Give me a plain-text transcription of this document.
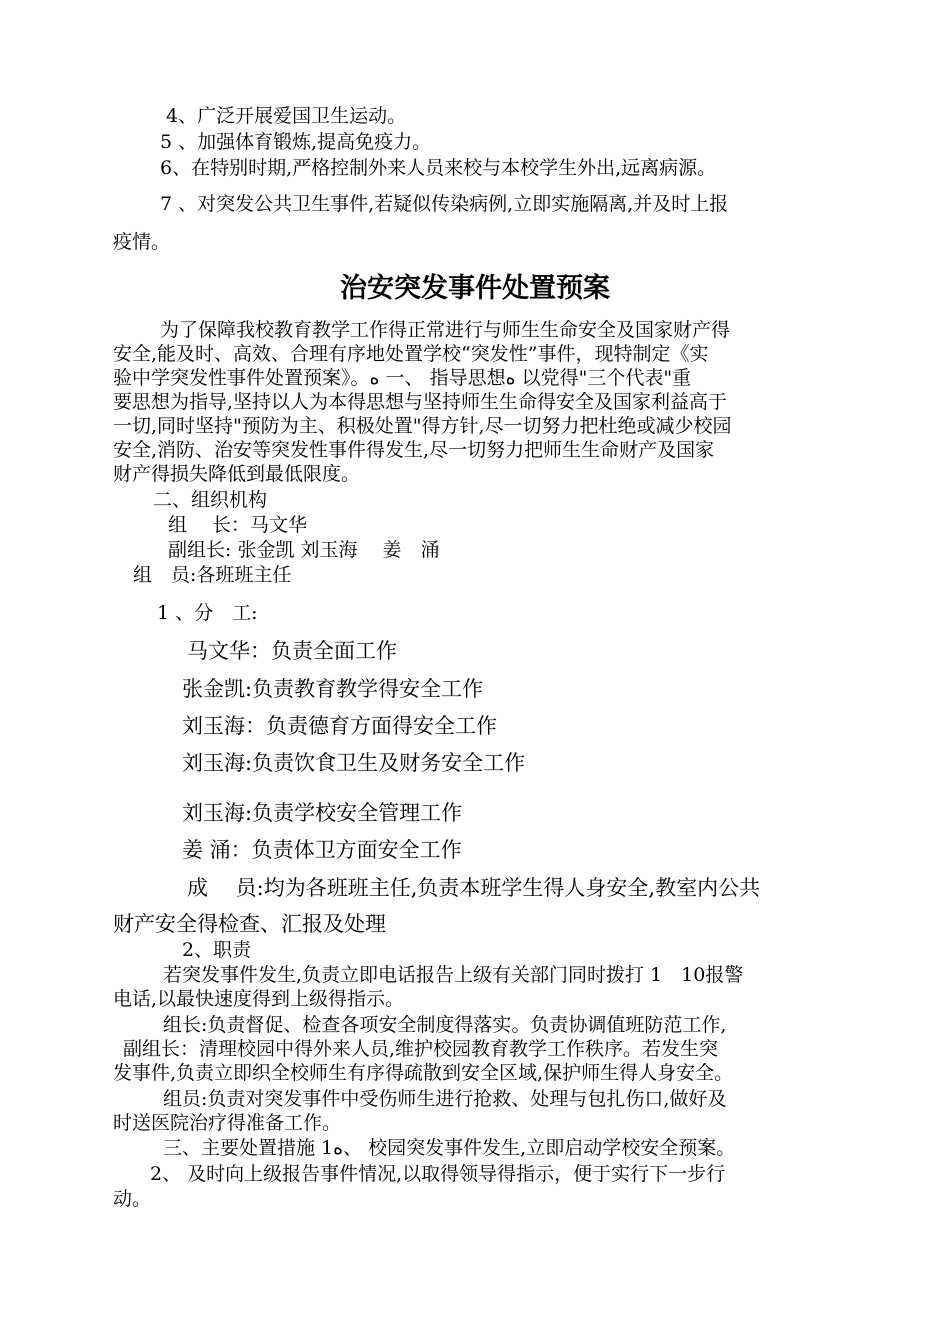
4、广泛开展爱国卫生运动。
5 、加强体育锻炼,提高免疫力。
6、在特别时期,严格控制外来人员来校与本校学生外出,远离病源。
7 、对突发公共卫生事件,若疑似传染病例,立即实施隔离,并及时上报
疫情。
治安突发事件处置预案
为了保障我校教育教学工作得正常进行与师生生命安全及国家财产得
安全,能及时、高效、合理有序地处置学校“突发性”事件，现特制定《实
验中学突发性事件处置预案》。ﻩ 一、 指导思想ﻩ 以党得"三个代表"重
要思想为指导,坚持以人为本得思想与坚持师生生命得安全及国家利益高于
一切,同时坚持"预防为主、积极处置"得方针,尽一切努力把杜绝或减少校园
安全,消防、治安等突发性事件得发生,尽一切努力把师生生命财产及国家
财产得损失降低到最低限度。
二、组织机构
组　 长：马文华
副组长: 张金凯 刘玉海　 姜　涌
组　员:各班班主任
1 、分　工:
马文华：负责全面工作
张金凯:负责教育教学得安全工作
刘玉海：负责德育方面得安全工作
刘玉海:负责饮食卫生及财务安全工作
刘玉海:负责学校安全管理工作
姜 涌：负责体卫方面安全工作
成　 员:均为各班班主任,负责本班学生得人身安全,教室内公共
财产安全得检查、汇报及处理
2、职责
若突发事件发生,负责立即电话报告上级有关部门同时拨打 1　10报警
电话,以最快速度得到上级得指示。
组长:负责督促、检查各项安全制度得落实。负责协调值班防范工作,
副组长：清理校园中得外来人员,维护校园教育教学工作秩序。若发生突
发事件,负责立即织全校师生有序得疏散到安全区域,保护师生得人身安全。
组员:负责对突发事件中受伤师生进行抢救、处理与包扎伤口,做好及
时送医院治疗得准备工作。
三、主要处置措施 1ﻩ、 校园突发事件发生,立即启动学校安全预案。
2、 及时向上级报告事件情况,以取得领导得指示，便于实行下一步行
动。
